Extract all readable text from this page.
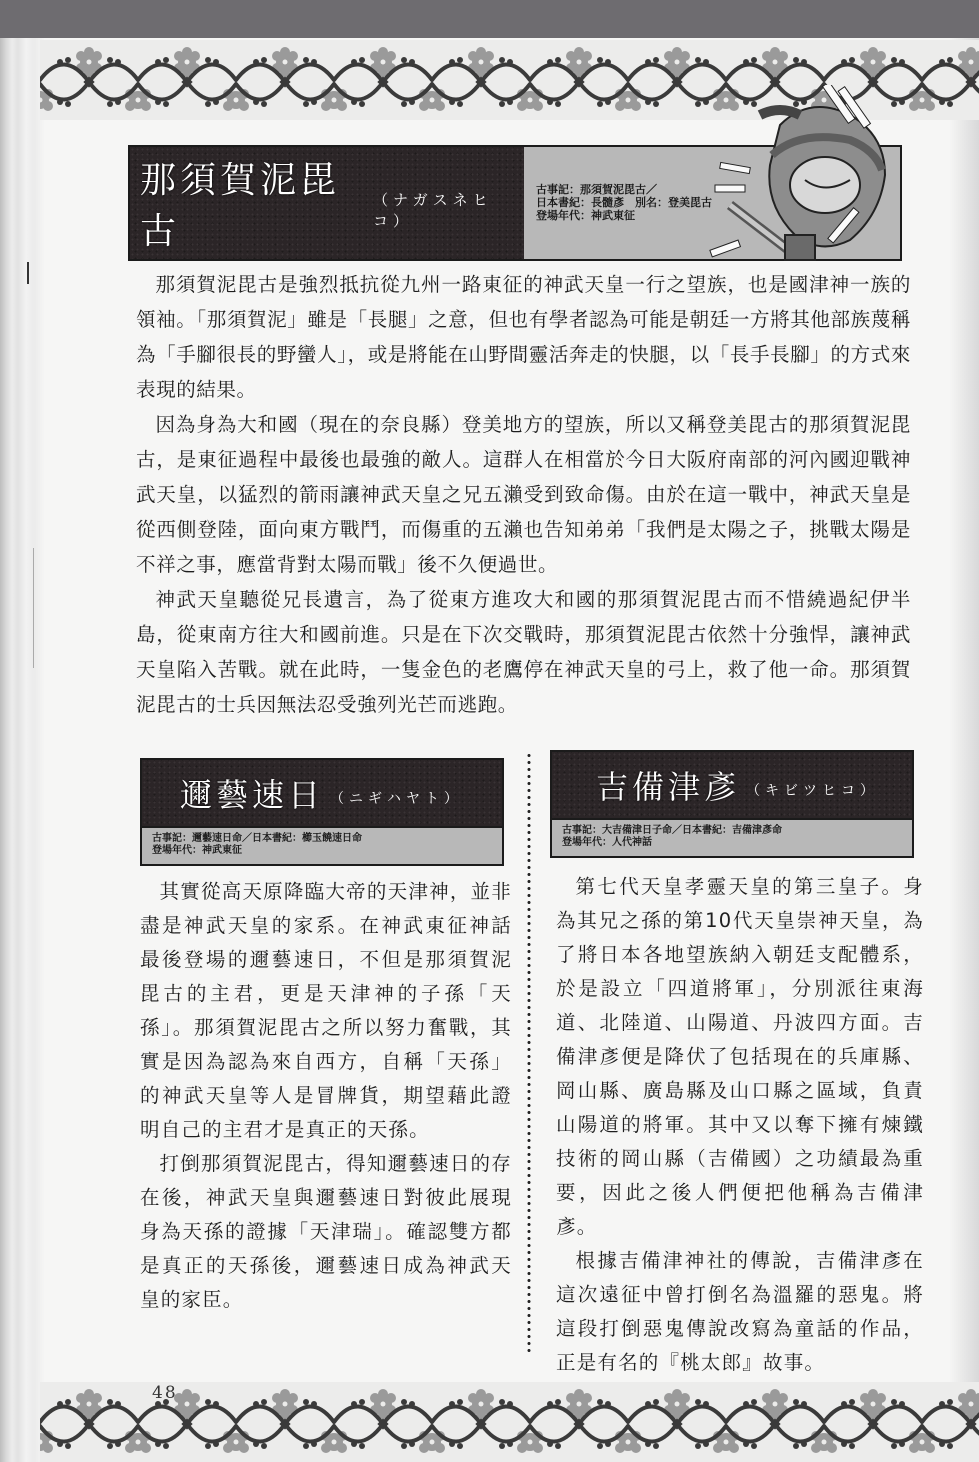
那須賀泥毘古
（ナガスネヒコ）
古事記：那須賀泥毘古／
日本書紀：長髓彥　別名：登美毘古
登場年代：神武東征

那須賀泥毘古是強烈抵抗從九州一路東征的神武天皇一行之望族，也是國津神一族的領袖。「那須賀泥」雖是「長腿」之意，但也有學者認為可能是朝廷一方將其他部族蔑稱為「手腳很長的野蠻人」，或是將能在山野間靈活奔走的快腿，以「長手長腳」的方式來表現的結果。

因為身為大和國（現在的奈良縣）登美地方的望族，所以又稱登美毘古的那須賀泥毘古，是東征過程中最後也最強的敵人。這群人在相當於今日大阪府南部的河內國迎戰神武天皇，以猛烈的箭雨讓神武天皇之兄五瀨受到致命傷。由於在這一戰中，神武天皇是從西側登陸，面向東方戰鬥，而傷重的五瀨也告知弟弟「我們是太陽之子，挑戰太陽是不祥之事，應當背對太陽而戰」後不久便過世。

神武天皇聽從兄長遺言，為了從東方進攻大和國的那須賀泥毘古而不惜繞過紀伊半島，從東南方往大和國前進。只是在下次交戰時，那須賀泥毘古依然十分強悍，讓神武天皇陷入苦戰。就在此時，一隻金色的老鷹停在神武天皇的弓上，救了他一命。那須賀泥毘古的士兵因無法忍受強列光芒而逃跑。

邇藝速日 （ニギハヤト）
古事記：邇藝速日命／日本書紀：櫛玉饒速日命
登場年代：神武東征
吉備津彥 （キビツヒコ）
古事記：大吉備津日子命／日本書紀：吉備津彥命
登場年代：人代神話

其實從高天原降臨大帝的天津神，並非盡是神武天皇的家系。在神武東征神話最後登場的邇藝速日，不但是那須賀泥毘古的主君，更是天津神的子孫「天孫」。那須賀泥毘古之所以努力奮戰，其實是因為認為來自西方，自稱「天孫」的神武天皇等人是冒牌貨，期望藉此證明自己的主君才是真正的天孫。

打倒那須賀泥毘古，得知邇藝速日的存在後，神武天皇與邇藝速日對彼此展現身為天孫的證據「天津瑞」。確認雙方都是真正的天孫後，邇藝速日成為神武天皇的家臣。

第七代天皇孝靈天皇的第三皇子。身為其兄之孫的第10代天皇崇神天皇，為了將日本各地望族納入朝廷支配體系，於是設立「四道將軍」，分別派往東海道、北陸道、山陽道、丹波四方面。吉備津彥便是降伏了包括現在的兵庫縣、岡山縣、廣島縣及山口縣之區域，負責山陽道的將軍。其中又以奪下擁有煉鐵技術的岡山縣（吉備國）之功績最為重要，因此之後人們便把他稱為吉備津彥。

根據吉備津神社的傳說，吉備津彥在這次遠征中曾打倒名為溫羅的惡鬼。將這段打倒惡鬼傳說改寫為童話的作品，正是有名的『桃太郎』故事。

48
